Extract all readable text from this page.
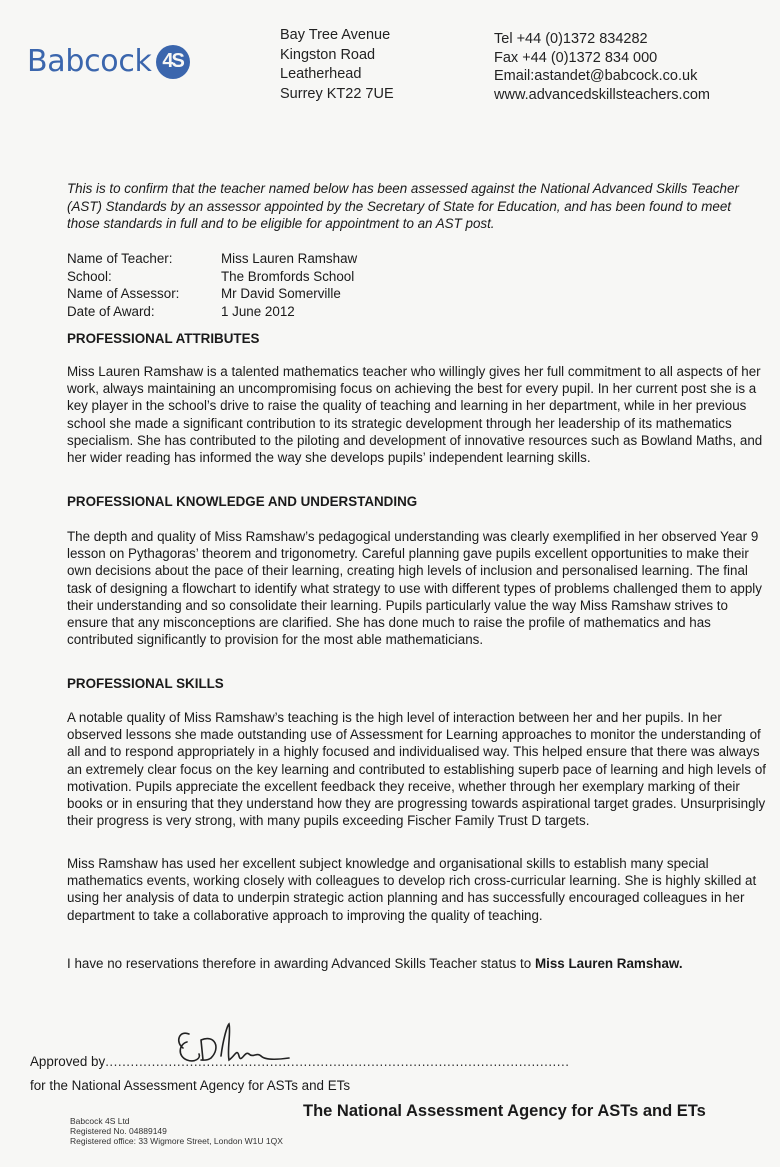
Babcock 4S
Bay Tree Avenue
Kingston Road
Leatherhead
Surrey KT22 7UE
Tel +44 (0)1372 834282
Fax +44 (0)1372 834 000
Email:astandet@babcock.co.uk
www.advancedskillsteachers.com
This is to confirm that the teacher named below has been assessed against the National Advanced Skills Teacher (AST) Standards by an assessor appointed by the Secretary of State for Education, and has been found to meet those standards in full and to be eligible for appointment to an AST post.
Name of Teacher:	Miss Lauren Ramshaw
School:	The Bromfords School
Name of Assessor:	Mr David Somerville
Date of Award:	1 June 2012
PROFESSIONAL ATTRIBUTES
Miss Lauren Ramshaw is a talented mathematics teacher who willingly gives her full commitment to all aspects of her work, always maintaining an uncompromising focus on achieving the best for every pupil. In her current post she is a key player in the school’s drive to raise the quality of teaching and learning in her department, while in her previous school she made a significant contribution to its strategic development through her leadership of its mathematics specialism. She has contributed to the piloting and development of innovative resources such as Bowland Maths, and her wider reading has informed the way she develops pupils’ independent learning skills.
PROFESSIONAL KNOWLEDGE AND UNDERSTANDING
The depth and quality of Miss Ramshaw’s pedagogical understanding was clearly exemplified in her observed Year 9 lesson on Pythagoras’ theorem and trigonometry. Careful planning gave pupils excellent opportunities to make their own decisions about the pace of their learning, creating high levels of inclusion and personalised learning. The final task of designing a flowchart to identify what strategy to use with different types of problems challenged them to apply their understanding and so consolidate their learning. Pupils particularly value the way Miss Ramshaw strives to ensure that any misconceptions are clarified. She has done much to raise the profile of mathematics and has contributed significantly to provision for the most able mathematicians.
PROFESSIONAL SKILLS
A notable quality of Miss Ramshaw’s teaching is the high level of interaction between her and her pupils. In her observed lessons she made outstanding use of Assessment for Learning approaches to monitor the understanding of all and to respond appropriately in a highly focused and individualised way. This helped ensure that there was always an extremely clear focus on the key learning and contributed to establishing superb pace of learning and high levels of motivation. Pupils appreciate the excellent feedback they receive, whether through her exemplary marking of their books or in ensuring that they understand how they are progressing towards aspirational target grades. Unsurprisingly their progress is very strong, with many pupils exceeding Fischer Family Trust D targets.
Miss Ramshaw has used her excellent subject knowledge and organisational skills to establish many special mathematics events, working closely with colleagues to develop rich cross-curricular learning. She is highly skilled at using her analysis of data to underpin strategic action planning and has successfully encouraged colleagues in her department to take a collaborative approach to improving the quality of teaching.
I have no reservations therefore in awarding Advanced Skills Teacher status to Miss Lauren Ramshaw.
Approved by..............................................................................................................
for the National Assessment Agency for ASTs and ETs
The National Assessment Agency for ASTs and ETs
Babcock 4S Ltd
Registered No. 04889149
Registered office: 33 Wigmore Street, London W1U 1QX
